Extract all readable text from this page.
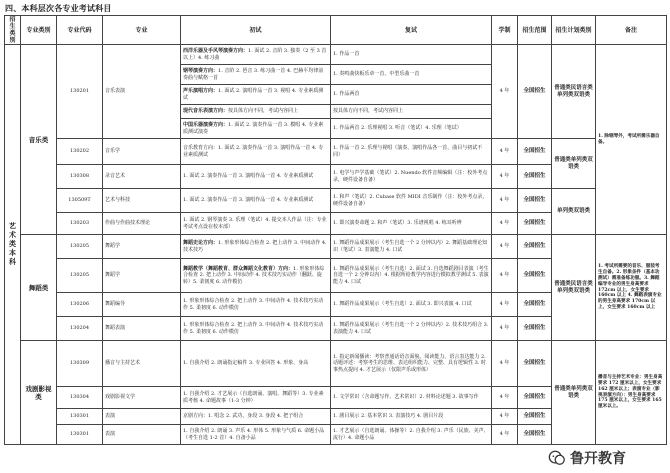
四、本科层次各专业考试科目
招生类别	专业类别	专业代码	专业	初试	复试	学制	招生范围	招生计划类别	备注

艺术类本科	音乐类	130201	音乐表演	西洋乐器及手风琴演奏方向：1. 面试 2. 音阶 3. 独奏（2 至 3 首以上）4. 练习曲	1. 作品一首	4 年	全国招生	普通类民语言类单列类双语类	1. 除钢琴外，考试所需乐器自备。
				钢琴演奏方向：1. 音阶 2. 琶音 3. 练习曲一首 4. 巴赫平均律前奏曲与赋格一首	1. 奏鸣曲快板乐章一首，中型乐曲一首				
				声乐演唱方向：1. 面试 2. 演唱作品一首 3. 视唱 4. 专业素质测试	1. 作品两首				
				现代音乐表演方向：按具体方向不同，考试内容同上	按具体方向不同，考试内容同上				
				中国乐器演奏方向：1. 面试 2. 演奏作品一首 3. 模唱 4. 专业素质测试演奏	1. 作品两首 2. 乐理视唱 3. 听音（笔试）4. 乐理（笔试）				
		130202	音乐学	音乐教育方向：1. 面试 2. 演奏作品一首 3. 演唱作品一首 4. 专业素质测试	1. 作品一首 2. 乐理与视唱（演奏、演唱作品各一首，曲目与初试不同）	4 年	全国招生	普通类单列类双语类	
		130308	录音艺术	1. 面试 2. 演奏作品一首 3. 演唱作品一首 4. 专业素质测试	1. 电学与声学基础（笔试）2. Nuendo 软件音频编辑（注：校外考点录，硬件设备自备）	4 年	全国招生		
		130509T	艺术与科技	1. 面试 2. 演奏作品一首 3. 演唱作品一首 4. 专业素质测试	1. 和声（笔试）2. Cubase 软件 MIDI 音乐制作（注：校外考点录，硬件设备自备）	4 年	全国招生	单列类双语类	
		130203	作曲与作曲技术理论	1. 面试 2. 钢琴演奏 3. 乐理（笔试）4. 提交本人作品（注：专业考试考点设在校本部）	1. 即兴演奏命题 2. 和声（笔试）3. 乐谱视唱 4. 练耳听辨	4 年	全国招生		
	舞蹈类	130205	舞蹈学	舞蹈史论方向：1. 形象形体综合检查 2. 把上动作 3. 中间动作 4. 技术技巧	1. 舞蹈作品成果展示（考生自选一个 2 分钟以内）2. 舞蹈基础理论知识（笔试）3. 表演能力 4. 口试	4 年	全国招生	普通类民语言类单列类双语类	1. 考试所需要的音乐、服装考生自备。2. 形象条件（基本功测试）需准备练功服。3. 舞蹈编导专业的男生身高要求 172cm 以上，女生要求 160cm 以上 4. 舞蹈表演专业的男生身高要求 170cm 以上，女生要求 160cm 以上
		130205	舞蹈学	舞蹈教学（舞蹈教育、群众舞蹈文化教育）方向：1. 形象形体综合检查 2. 把上动作 3. 中间动作 4. 技术技巧实动作（翻跃、旋转）5. 柔韧度 6. 动作模仿	1. 舞蹈作品成果展示（考生自选）2. 面试 3. 自选舞蹈剧目表演（考生自选一个 2 分钟以内）4. 根据所给教学内容进行模拟教学测试 5. 表演能力 4. 口试	4 年	全国招生		
		130206	舞蹈编导	1. 形象形体综合检查 2. 把上动作 3. 中间动作 4. 技术技巧实动作 5. 柔韧度 6. 动作模仿	1. 舞蹈作品成果展示（考生自选）2. 面试 3. 即兴表演 4. 口试	4 年	全国招生		
		130204	舞蹈表演	1. 形象形体综合检查 2. 把上动作 3. 中间动作 4. 技术技巧实动作 5. 柔韧度 6. 动作模仿	1. 舞蹈作品成果展示（考生自选一个 2 分钟以内）2. 技术技巧组合 3. 表演能力 4. 口试	4 年	全国招生		
	戏剧影视类	130309	播音与主持艺术	1. 自我介绍 2. 朗诵指定稿件 3. 专业回答 4. 形象、身高	1. 指定新闻播读：考察普通话语音面貌、阅读能力、语言表达能力 2. 话题评述：考察考生的思维、表达组织能力、完整、具有逻辑性 3. 时事热点提问 4. 才艺展示（仅限声乐或形体）	4 年	全国招生	普通类单列类双语类	播音与主持艺术专业：男生身高要求 172 厘米以上，女生要求 162 厘米以上；表演专业（影视表演方向）：男生身高要求 175 厘米以上，女生要求 165 厘米以上。
		130304	戏剧影视文学	1. 自我介绍 2. 才艺展示（自选朗诵、演唱、舞蹈等）3. 专业素质考核 4. 命题故事（1-3 分钟）	1. 文学常识（含命题写作、艺术常识）2. 材料论述题 3. 故事写作	4 年	全国招生		
		130301	表演	京剧方向：1. 唱念 2. 武功、身段 3. 身段 4. 把子组合	1. 剧目展示 2. 基本常识 3. 表演技巧 4. 剧目片段	4 年	全国招生		
		130301	表演	1. 自我介绍 2. 朗诵 3. 声乐 4. 形体 5. 形象与气质 6. 命题小品（考生自选 1-2 首）4. 自备小品	1. 才艺展示（自选朗诵、体操等）2. 自我介绍 3. 声乐（民族、美声、流行）4. 命题小品	4 年	全国招生		
鲁幵教育
